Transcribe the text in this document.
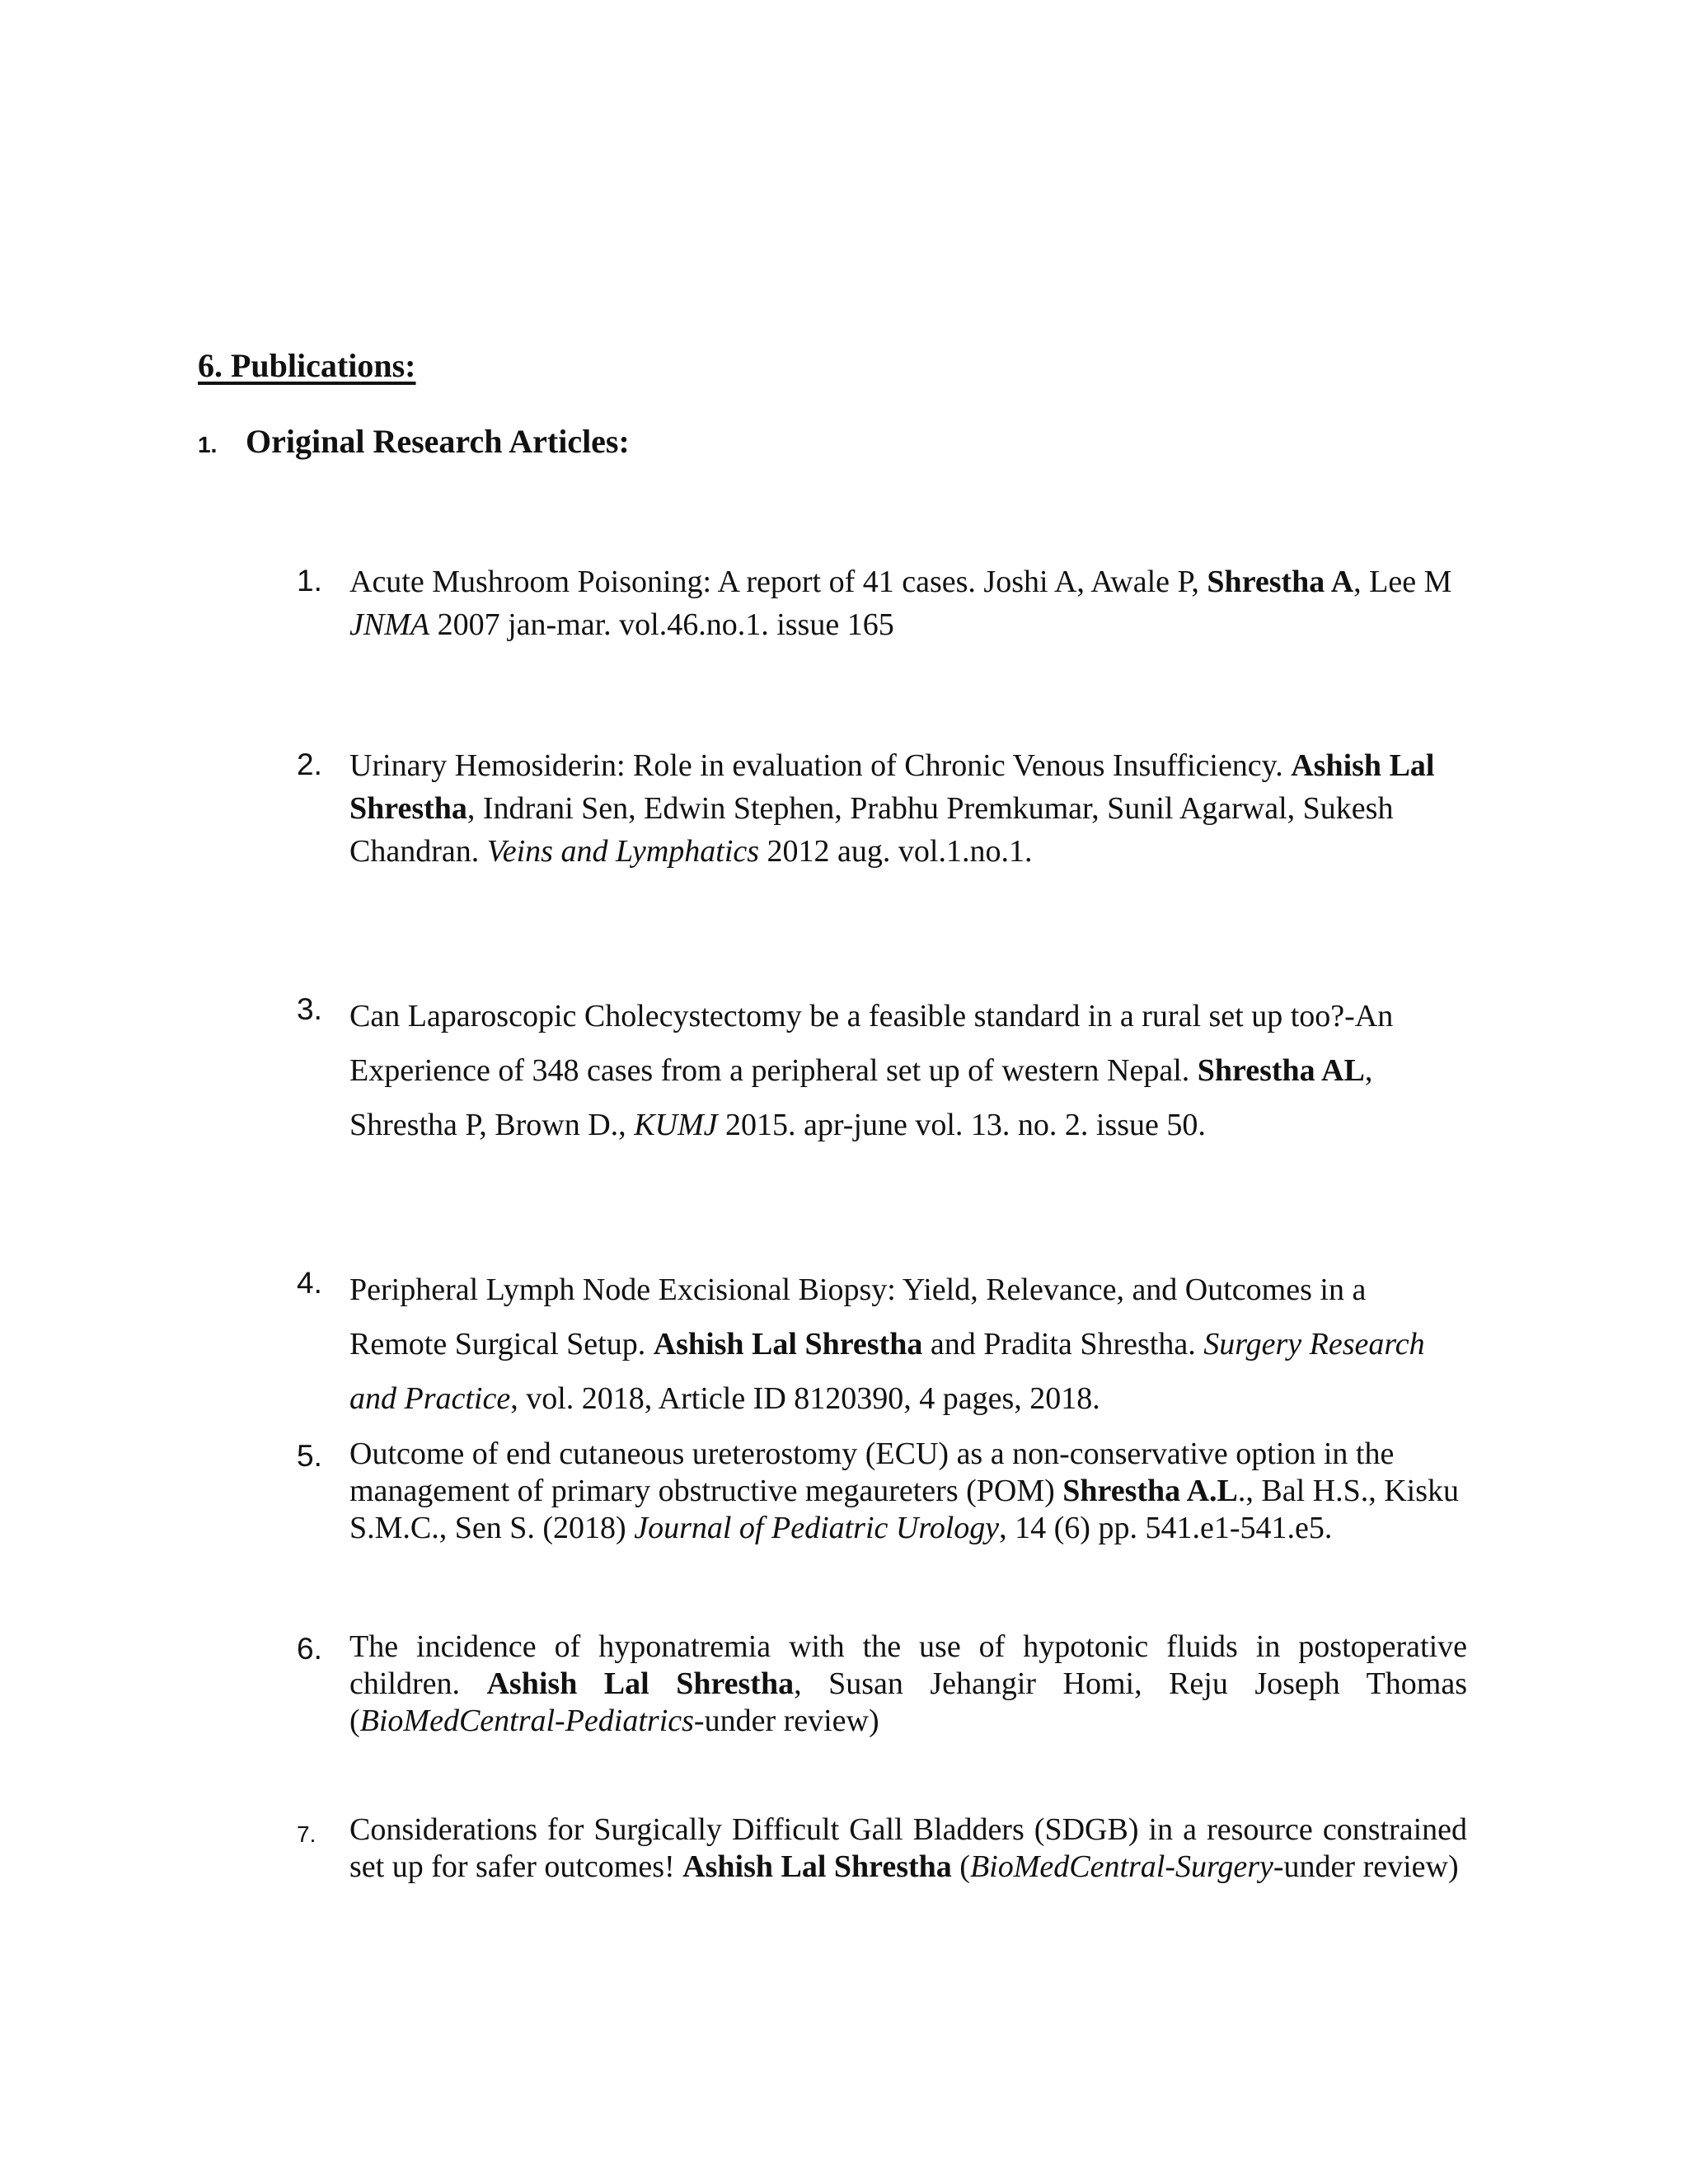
6. Publications:
1. Original Research Articles:
1. Acute Mushroom Poisoning: A report of 41 cases. Joshi A, Awale P, Shrestha A, Lee M JNMA 2007 jan-mar. vol.46.no.1. issue 165

2. Urinary Hemosiderin: Role in evaluation of Chronic Venous Insufficiency. Ashish Lal Shrestha, Indrani Sen, Edwin Stephen, Prabhu Premkumar, Sunil Agarwal, Sukesh Chandran. Veins and Lymphatics 2012 aug. vol.1.no.1.

3. Can Laparoscopic Cholecystectomy be a feasible standard in a rural set up too?-An Experience of 348 cases from a peripheral set up of western Nepal. Shrestha AL, Shrestha P, Brown D., KUMJ 2015. apr-june vol. 13. no. 2. issue 50.

4. Peripheral Lymph Node Excisional Biopsy: Yield, Relevance, and Outcomes in a Remote Surgical Setup. Ashish Lal Shrestha and Pradita Shrestha. Surgery Research and Practice, vol. 2018, Article ID 8120390, 4 pages, 2018.

5. Outcome of end cutaneous ureterostomy (ECU) as a non-conservative option in the management of primary obstructive megaureters (POM) Shrestha A.L., Bal H.S., Kisku S.M.C., Sen S. (2018) Journal of Pediatric Urology, 14 (6) pp. 541.e1-541.e5.

6. The incidence of hyponatremia with the use of hypotonic fluids in postoperative children. Ashish Lal Shrestha, Susan Jehangir Homi, Reju Joseph Thomas (BioMedCentral-Pediatrics-under review)

7.	Considerations for Surgically Difficult Gall Bladders (SDGB) in a resource constrained set up for safer outcomes! Ashish Lal Shrestha (BioMedCentral-Surgery-under review)
